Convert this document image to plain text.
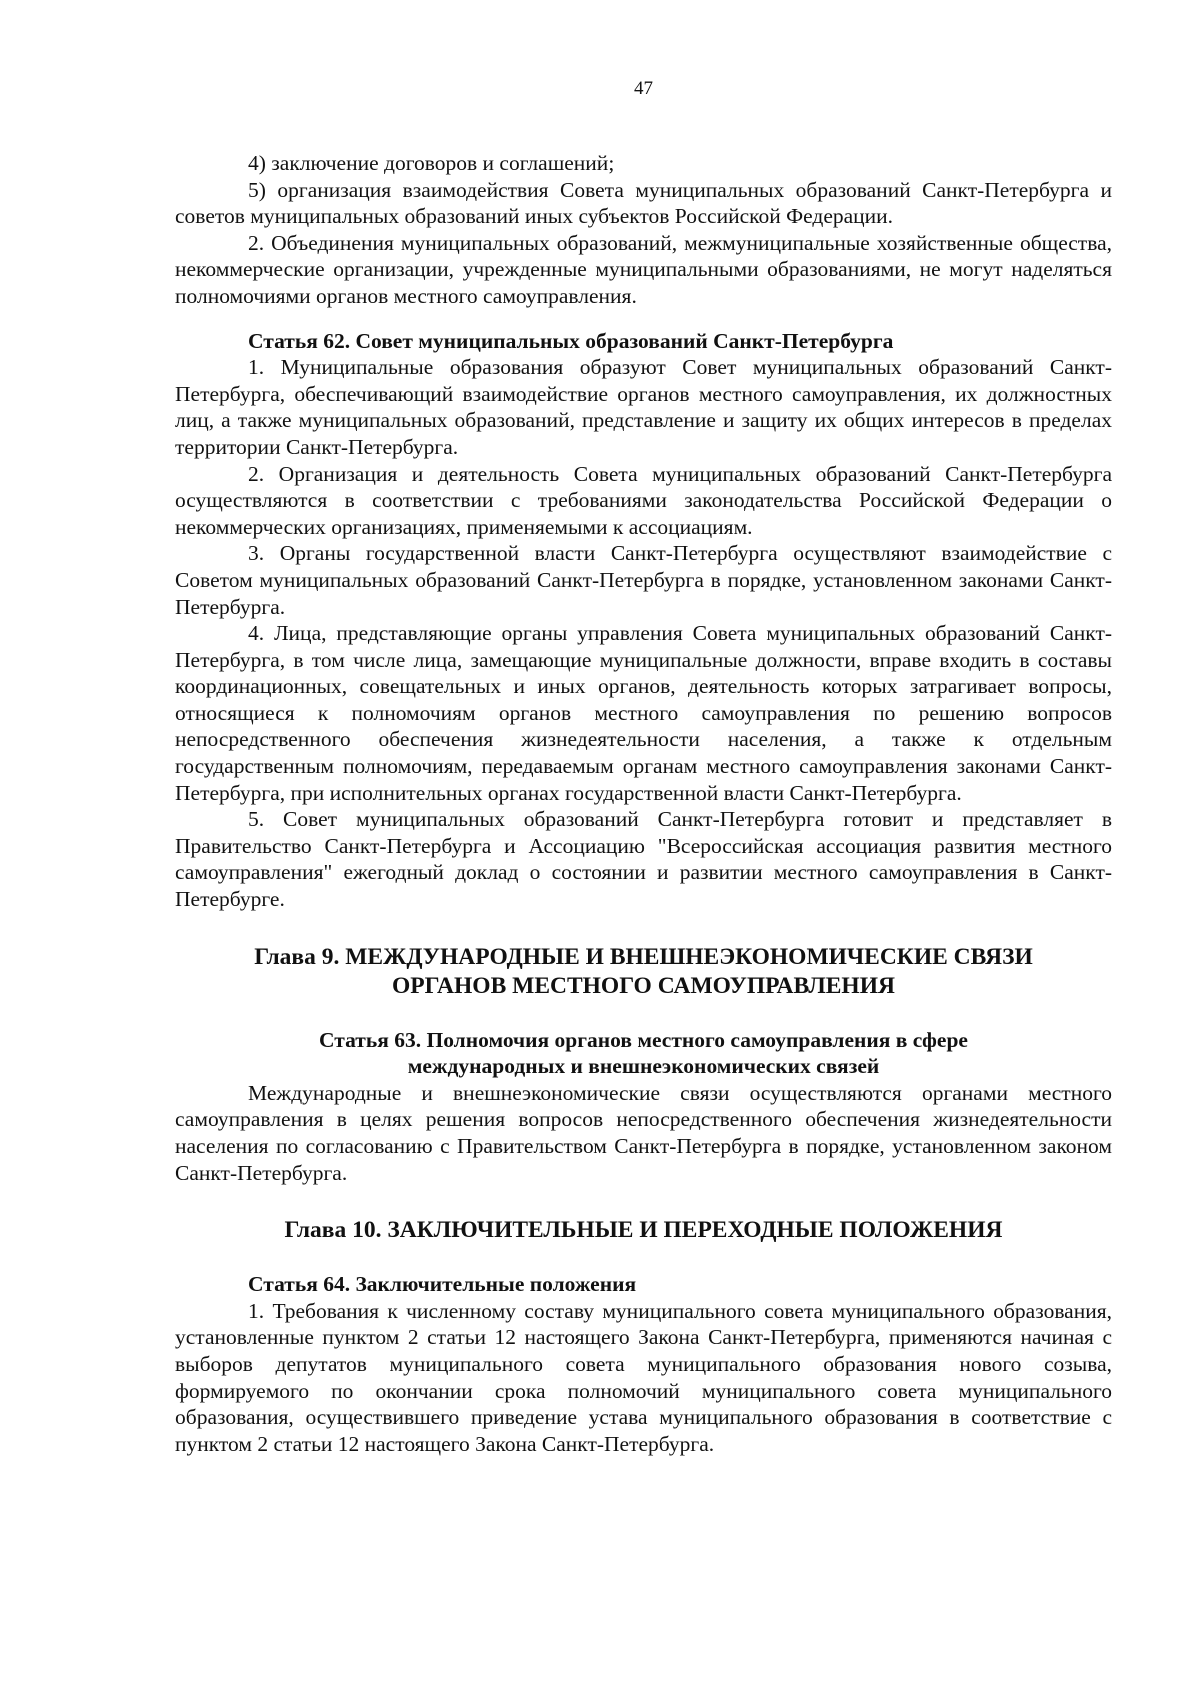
47

4) заключение договоров и соглашений;

5) организация взаимодействия Совета муниципальных образований Санкт-Петербурга и советов муниципальных образований иных субъектов Российской Федерации.

2. Объединения муниципальных образований, межмуниципальные хозяйственные общества, некоммерческие организации, учрежденные муниципальными образованиями, не могут наделяться полномочиями органов местного самоуправления.

Статья 62. Совет муниципальных образований Санкт-Петербурга

1. Муниципальные образования образуют Совет муниципальных образований Санкт-Петербурга, обеспечивающий взаимодействие органов местного самоуправления, их должностных лиц, а также муниципальных образований, представление и защиту их общих интересов в пределах территории Санкт-Петербурга.

2. Организация и деятельность Совета муниципальных образований Санкт-Петербурга осуществляются в соответствии с требованиями законодательства Российской Федерации о некоммерческих организациях, применяемыми к ассоциациям.

3. Органы государственной власти Санкт-Петербурга осуществляют взаимодействие с Советом муниципальных образований Санкт-Петербурга в порядке, установленном законами Санкт-Петербурга.

4. Лица, представляющие органы управления Совета муниципальных образований Санкт-Петербурга, в том числе лица, замещающие муниципальные должности, вправе входить в составы координационных, совещательных и иных органов, деятельность которых затрагивает вопросы, относящиеся к полномочиям органов местного самоуправления по решению вопросов непосредственного обеспечения жизнедеятельности населения, а также к отдельным государственным полномочиям, передаваемым органам местного самоуправления законами Санкт-Петербурга, при исполнительных органах государственной власти Санкт-Петербурга.

5. Совет муниципальных образований Санкт-Петербурга готовит и представляет в Правительство Санкт-Петербурга и Ассоциацию "Всероссийская ассоциация развития местного самоуправления" ежегодный доклад о состоянии и развитии местного самоуправления в Санкт-Петербурге.

Глава 9. МЕЖДУНАРОДНЫЕ И ВНЕШНЕЭКОНОМИЧЕСКИЕ СВЯЗИ
ОРГАНОВ МЕСТНОГО САМОУПРАВЛЕНИЯ
Статья 63. Полномочия органов местного самоуправления в сфере
международных и внешнеэкономических связей

Международные и внешнеэкономические связи осуществляются органами местного самоуправления в целях решения вопросов непосредственного обеспечения жизнедеятельности населения по согласованию с Правительством Санкт-Петербурга в порядке, установленном законом Санкт-Петербурга.

Глава 10. ЗАКЛЮЧИТЕЛЬНЫЕ И ПЕРЕХОДНЫЕ ПОЛОЖЕНИЯ
Статья 64. Заключительные положения

1. Требования к численному составу муниципального совета муниципального образования, установленные пунктом 2 статьи 12 настоящего Закона Санкт-Петербурга, применяются начиная с выборов депутатов муниципального совета муниципального образования нового созыва, формируемого по окончании срока полномочий муниципального совета муниципального образования, осуществившего приведение устава муниципального образования в соответствие с пунктом 2 статьи 12 настоящего Закона Санкт-Петербурга.
